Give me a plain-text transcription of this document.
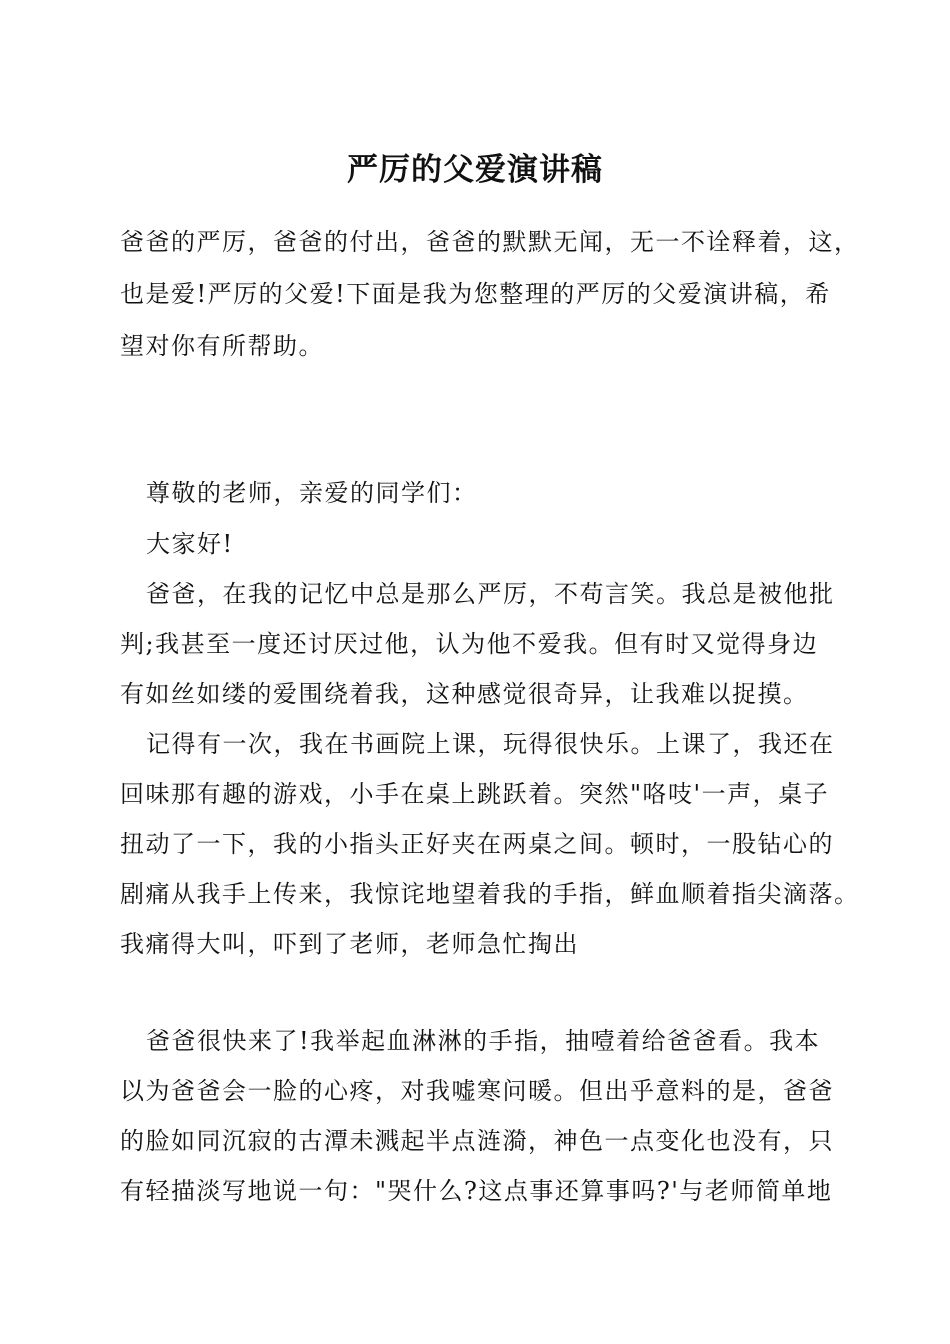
严厉的父爱演讲稿
爸爸的严厉，爸爸的付出，爸爸的默默无闻，无一不诠释着，这，
也是爱!严厉的父爱!下面是我为您整理的严厉的父爱演讲稿，希
望对你有所帮助。
尊敬的老师，亲爱的同学们：
大家好!
爸爸，在我的记忆中总是那么严厉，不苟言笑。我总是被他批
判;我甚至一度还讨厌过他，认为他不爱我。但有时又觉得身边
有如丝如缕的爱围绕着我，这种感觉很奇异，让我难以捉摸。
记得有一次，我在书画院上课，玩得很快乐。上课了，我还在
回味那有趣的游戏，小手在桌上跳跃着。突然"咯吱'一声，桌子
扭动了一下，我的小指头正好夹在两桌之间。顿时，一股钻心的
剧痛从我手上传来，我惊诧地望着我的手指，鲜血顺着指尖滴落。
我痛得大叫，吓到了老师，老师急忙掏出
爸爸很快来了!我举起血淋淋的手指，抽噎着给爸爸看。我本
以为爸爸会一脸的心疼，对我嘘寒问暖。但出乎意料的是，爸爸
的脸如同沉寂的古潭未溅起半点涟漪，神色一点变化也没有，只
有轻描淡写地说一句："哭什么?这点事还算事吗?'与老师简单地
